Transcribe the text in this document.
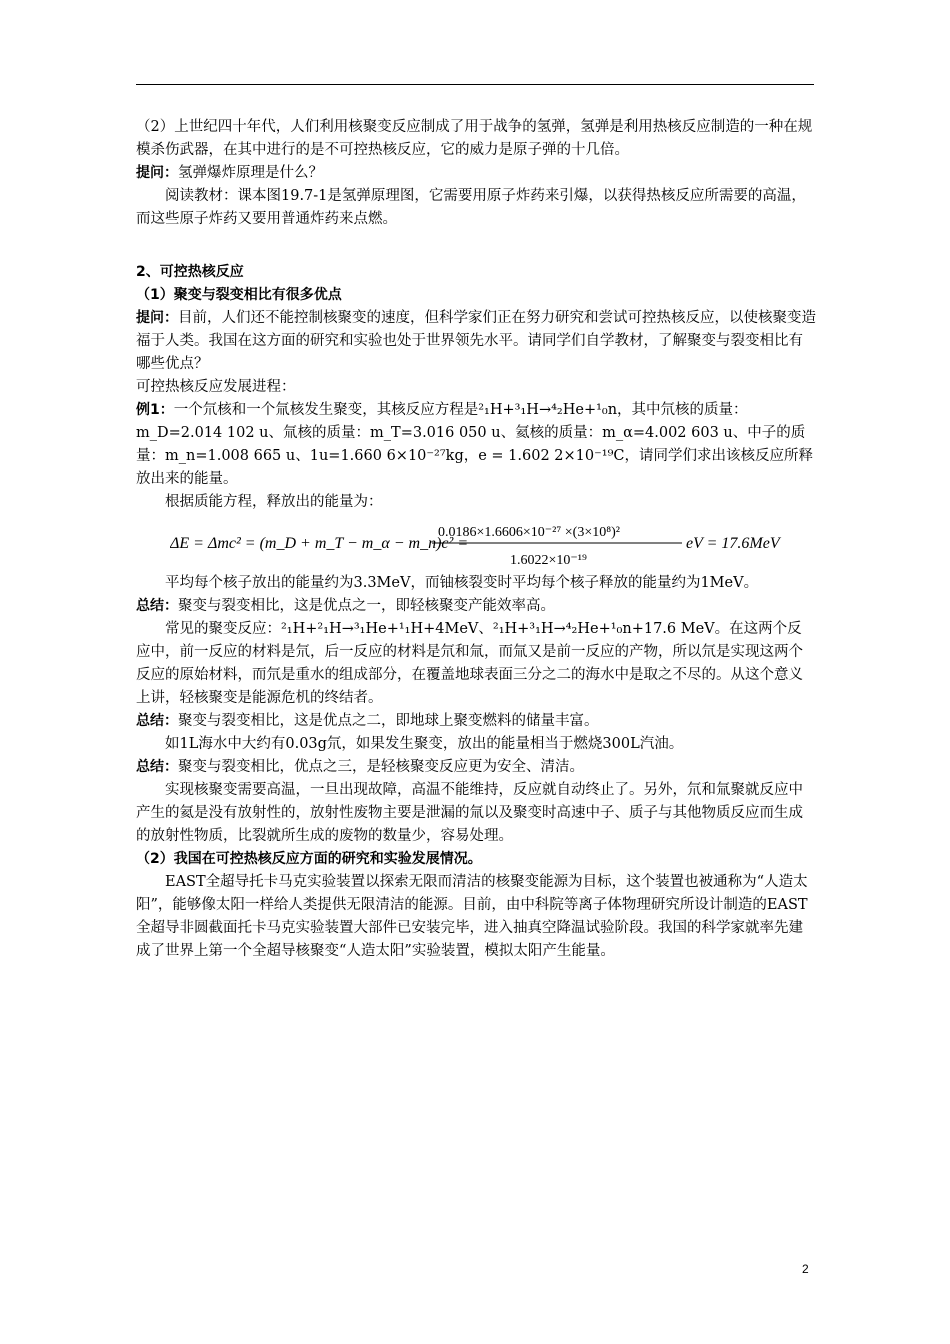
（2）上世纪四十年代，人们利用核聚变反应制成了用于战争的氢弹，氢弹是利用热核反应制造的一种在规模杀伤武器，在其中进行的是不可控热核反应，它的威力是原子弹的十几倍。

提问：氢弹爆炸原理是什么？

阅读教材：课本图19.7-1是氢弹原理图，它需要用原子炸药来引爆，以获得热核反应所需要的高温，而这些原子炸药又要用普通炸药来点燃。

2、可控热核反应

（1）聚变与裂变相比有很多优点

提问：目前，人们还不能控制核聚变的速度，但科学家们正在努力研究和尝试可控热核反应，以使核聚变造福于人类。我国在这方面的研究和实验也处于世界领先水平。请同学们自学教材，了解聚变与裂变相比有哪些优点？

可控热核反应发展进程：

例1：一个氘核和一个氚核发生聚变，其核反应方程是²₁H+³₁H→⁴₂He+¹₀n，其中氘核的质量：m_D=2.014 102 u、氚核的质量：m_T=3.016 050 u、氦核的质量：m_α=4.002 603 u、中子的质量：m_n=1.008 665 u、1u=1.660 6×10⁻²⁷kg，e = 1.602 2×10⁻¹⁹C，请同学们求出该核反应所释放出来的能量。

根据质能方程，释放出的能量为：

ΔE = Δmc² = (m_D + m_T − m_α − m_n)c² =
0.0186×1.6606×10⁻²⁷ ×(3×10⁸)²
1.6022×10⁻¹⁹
eV = 17.6MeV

平均每个核子放出的能量约为3.3MeV，而铀核裂变时平均每个核子释放的能量约为1MeV。

总结：聚变与裂变相比，这是优点之一，即轻核聚变产能效率高。

常见的聚变反应：²₁H+²₁H→³₁He+¹₁H+4MeV、²₁H+³₁H→⁴₂He+¹₀n+17.6 MeV。在这两个反应中，前一反应的材料是氘，后一反应的材料是氘和氚，而氚又是前一反应的产物，所以氘是实现这两个反应的原始材料，而氘是重水的组成部分，在覆盖地球表面三分之二的海水中是取之不尽的。从这个意义上讲，轻核聚变是能源危机的终结者。

总结：聚变与裂变相比，这是优点之二，即地球上聚变燃料的储量丰富。

如1L海水中大约有0.03g氘，如果发生聚变，放出的能量相当于燃烧300L汽油。

总结：聚变与裂变相比，优点之三，是轻核聚变反应更为安全、清洁。

实现核聚变需要高温，一旦出现故障，高温不能维持，反应就自动终止了。另外，氘和氚聚就反应中产生的氦是没有放射性的，放射性废物主要是泄漏的氚以及聚变时高速中子、质子与其他物质反应而生成的放射性物质，比裂就所生成的废物的数量少，容易处理。

（2）我国在可控热核反应方面的研究和实验发展情况。

EAST全超导托卡马克实验装置以探索无限而清洁的核聚变能源为目标，这个装置也被通称为“人造太阳”，能够像太阳一样给人类提供无限清洁的能源。目前，由中科院等离子体物理研究所设计制造的EAST全超导非圆截面托卡马克实验装置大部件已安装完毕，进入抽真空降温试验阶段。我国的科学家就率先建成了世界上第一个全超导核聚变“人造太阳”实验装置，模拟太阳产生能量。

2
